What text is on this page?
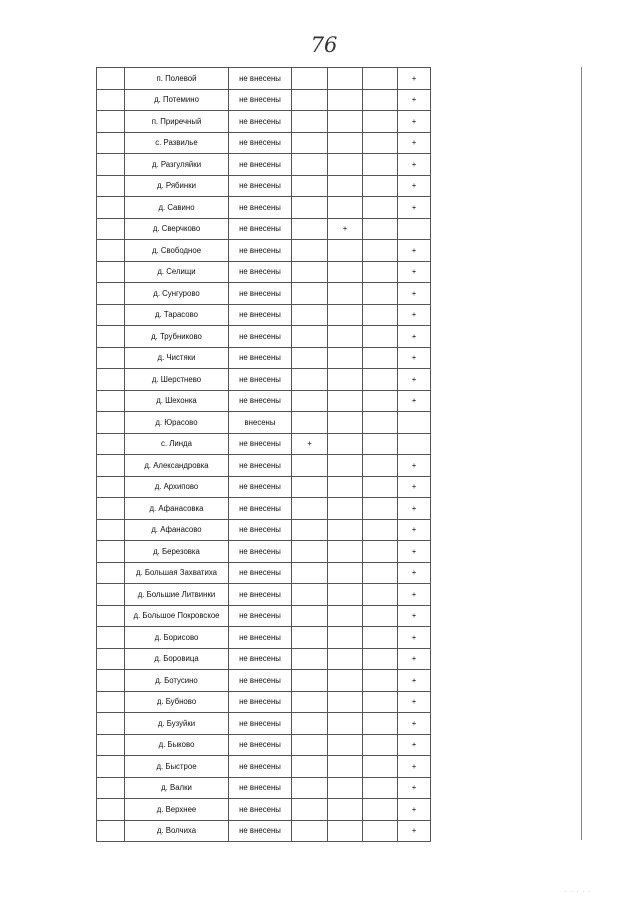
76
	п. Полевой	не внесены				+
	д. Потемино	не внесены				+
	п. Приречный	не внесены				+
	с. Развилье	не внесены				+
	д. Разгуляйки	не внесены				+
	д. Рябинки	не внесены				+
	д. Савино	не внесены				+
	д. Сверчково	не внесены		+		
	д. Свободное	не внесены				+
	д. Селищи	не внесены				+
	д. Сунгурово	не внесены				+
	д. Тарасово	не внесены				+
	д. Трубниково	не внесены				+
	д. Чистяки	не внесены				+
	д. Шерстнево	не внесены				+
	д. Шехонка	не внесены				+
	д. Юрасово	внесены				
	с. Линда	не внесены	+			
	д. Александровка	не внесены				+
	д. Архипово	не внесены				+
	д. Афанасовка	не внесены				+
	д. Афанасово	не внесены				+
	д. Березовка	не внесены				+
	д. Большая Захватиха	не внесены				+
	д. Большие Литвинки	не внесены				+
	д. Большое Покровское	не внесены				+
	д. Борисово	не внесены				+
	д. Боровица	не внесены				+
	д. Ботусино	не внесены				+
	д. Бубново	не внесены				+
	д. Бузуйки	не внесены				+
	д. Быково	не внесены				+
	д. Быстрое	не внесены				+
	д. Валки	не внесены				+
	д. Верхнее	не внесены				+
	д. Волчиха	не внесены				+
· · · · ·
